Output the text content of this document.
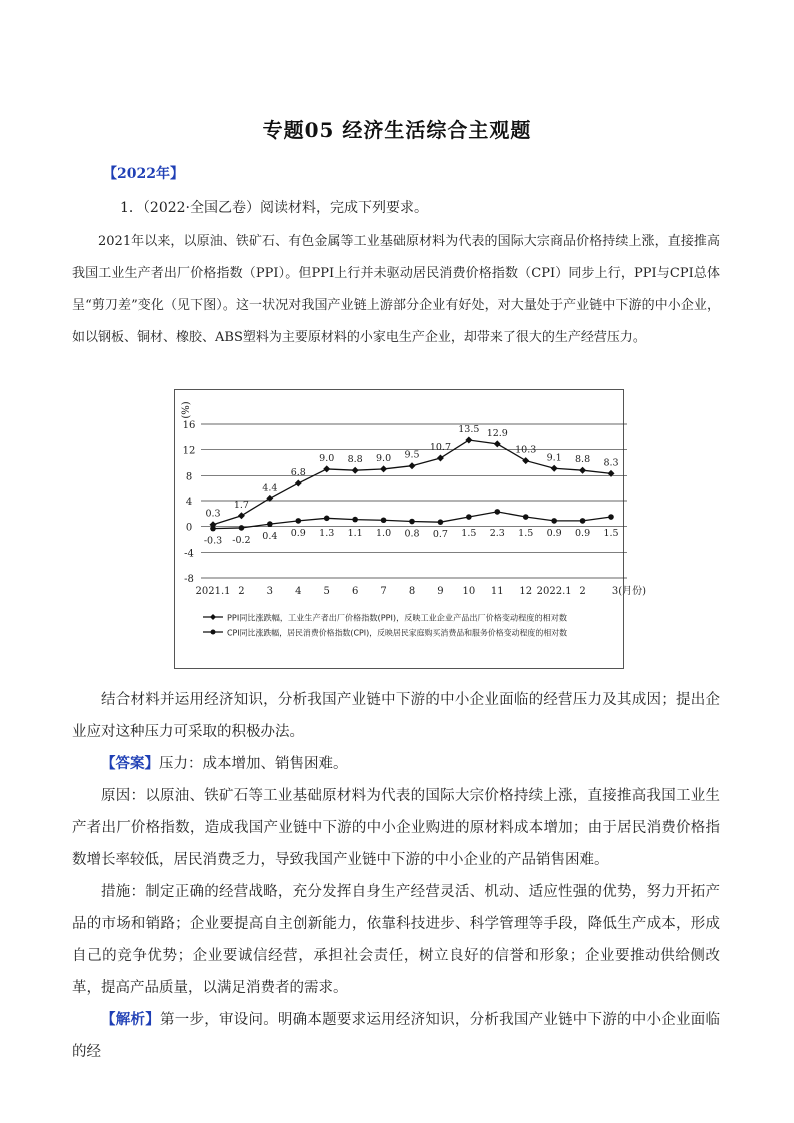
专题05 经济生活综合主观题
【2022年】
1．（2022·全国乙卷）阅读材料，完成下列要求。
2021年以来，以原油、铁矿石、有色金属等工业基础原材料为代表的国际大宗商品价格持续上涨，直接推高我国工业生产者出厂价格指数（PPI）。但PPI上行并未驱动居民消费价格指数（CPI）同步上行，PPI与CPI总体呈“剪刀差”变化（见下图）。这一状况对我国产业链上游部分企业有好处，对大量处于产业链中下游的中小企业，如以钢板、铜材、橡胶、ABS塑料为主要原材料的小家电生产企业，却带来了很大的生产经营压力。
16
12
8
4
0
-4
-8
(%)
2021.1 2 3 4 5 6 7 8 9 10 11 12 2022.1 2	3(月份)
0.3
1.7
4.4
6.8
9.0 8.8 9.0 9.5
10.7
13.5 12.9
10.3
9.1 8.8 8.3
-0.3 -0.2 0.4 0.9 1.3 1.1 1.0 0.8 0.7 1.5 2.3 1.5 0.9 0.9 1.5
PPI同比涨跌幅，工业生产者出厂价格指数(PPI)，反映工业企业产品出厂价格变动程度的相对数
CPI同比涨跌幅，居民消费价格指数(CPI)，反映居民家庭购买消费品和服务价格变动程度的相对数
结合材料并运用经济知识，分析我国产业链中下游的中小企业面临的经营压力及其成因；提出企业应对这种压力可采取的积极办法。
【答案】压力：成本增加、销售困难。
原因：以原油、铁矿石等工业基础原材料为代表的国际大宗价格持续上涨，直接推高我国工业生产者出厂价格指数，造成我国产业链中下游的中小企业购进的原材料成本增加；由于居民消费价格指数增长率较低，居民消费乏力，导致我国产业链中下游的中小企业的产品销售困难。
措施：制定正确的经营战略，充分发挥自身生产经营灵活、机动、适应性强的优势，努力开拓产品的市场和销路；企业要提高自主创新能力，依靠科技进步、科学管理等手段，降低生产成本，形成自己的竞争优势；企业要诚信经营，承担社会责任，树立良好的信誉和形象；企业要推动供给侧改革，提高产品质量，以满足消费者的需求。
【解析】第一步，审设问。明确本题要求运用经济知识，分析我国产业链中下游的中小企业面临的经
